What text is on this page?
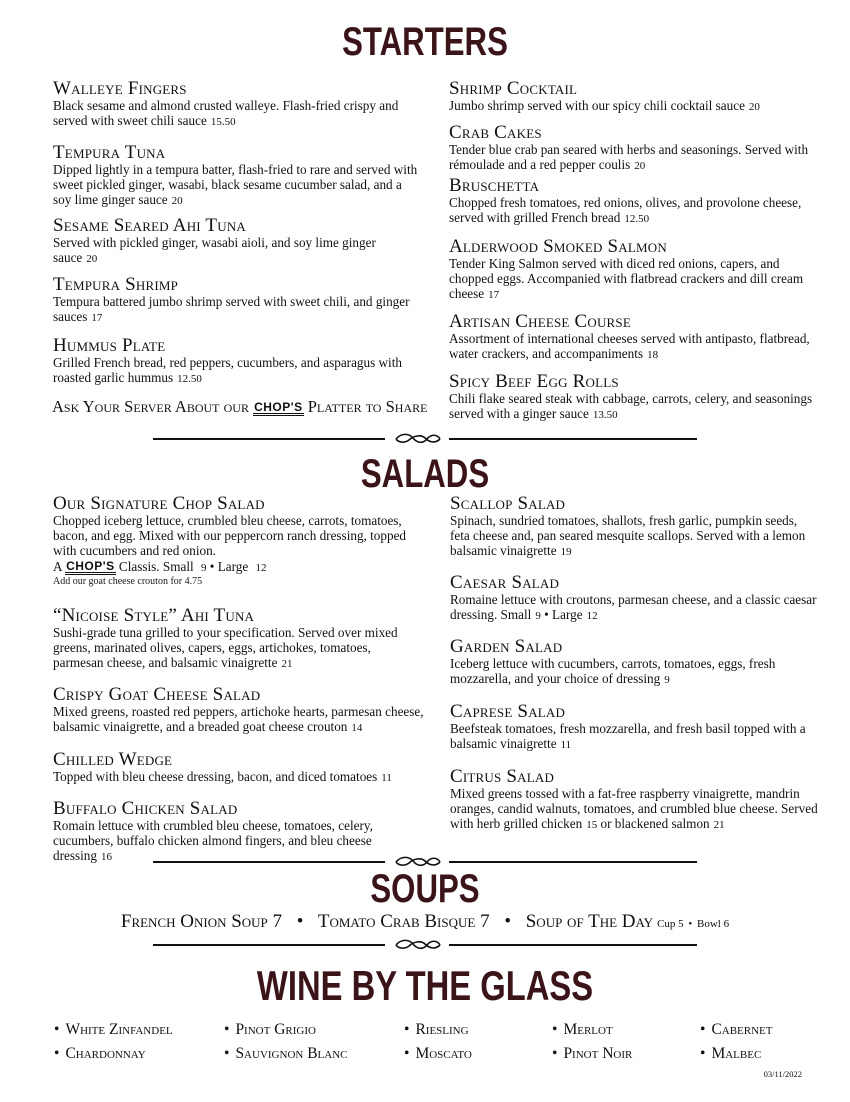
STARTERS
Walleye Fingers
Black sesame and almond crusted walleye. Flash-fried crispy and served with sweet chili sauce 15.50
Tempura Tuna
Dipped lightly in a tempura batter, flash-fried to rare and served with sweet pickled ginger, wasabi, black sesame cucumber salad, and a soy lime ginger sauce 20
Sesame Seared Ahi Tuna
Served with pickled ginger, wasabi aioli, and soy lime ginger sauce 20
Tempura Shrimp
Tempura battered jumbo shrimp served with sweet chili, and ginger sauces 17
Hummus Plate
Grilled French bread, red peppers, cucumbers, and asparagus with roasted garlic hummus 12.50
Ask Your Server About our CHOP'S Platter to Share
Shrimp Cocktail
Jumbo shrimp served with our spicy chili cocktail sauce 20
Crab Cakes
Tender blue crab pan seared with herbs and seasonings. Served with rémoulade and a red pepper coulis 20
Bruschetta
Chopped fresh tomatoes, red onions, olives, and provolone cheese, served with grilled French bread 12.50
Alderwood Smoked Salmon
Tender King Salmon served with diced red onions, capers, and chopped eggs. Accompanied with flatbread crackers and dill cream cheese 17
Artisan Cheese Course
Assortment of international cheeses served with antipasto, flatbread, water crackers, and accompaniments 18
Spicy Beef Egg Rolls
Chili flake seared steak with cabbage, carrots, celery, and seasonings served with a ginger sauce 13.50
SALADS
Our Signature Chop Salad
Chopped iceberg lettuce, crumbled bleu cheese, carrots, tomatoes, bacon, and egg. Mixed with our peppercorn ranch dressing, topped with cucumbers and red onion.
A CHOP'S Classis. Small 9 • Large 12
Add our goat cheese crouton for 4.75
“Nicoise Style” Ahi Tuna
Sushi-grade tuna grilled to your specification. Served over mixed greens, marinated olives, capers, eggs, artichokes, tomatoes, parmesan cheese, and balsamic vinaigrette 21
Crispy Goat Cheese Salad
Mixed greens, roasted red peppers, artichoke hearts, parmesan cheese, balsamic vinaigrette, and a breaded goat cheese crouton 14
Chilled Wedge
Topped with bleu cheese dressing, bacon, and diced tomatoes 11
Buffalo Chicken Salad
Romain lettuce with crumbled bleu cheese, tomatoes, celery, cucumbers, buffalo chicken almond fingers, and bleu cheese dressing 16
Scallop Salad
Spinach, sundried tomatoes, shallots, fresh garlic, pumpkin seeds, feta cheese and, pan seared mesquite scallops. Served with a lemon balsamic vinaigrette 19
Caesar Salad
Romaine lettuce with croutons, parmesan cheese, and a classic caesar dressing. Small 9 • Large 12
Garden Salad
Iceberg lettuce with cucumbers, carrots, tomatoes, eggs, fresh mozzarella, and your choice of dressing 9
Caprese Salad
Beefsteak tomatoes, fresh mozzarella, and fresh basil topped with a balsamic vinaigrette 11
Citrus Salad
Mixed greens tossed with a fat-free raspberry vinaigrette, mandrin oranges, candid walnuts, tomatoes, and crumbled blue cheese. Served with herb grilled chicken 15 or blackened salmon 21
SOUPS
French Onion Soup 7 • Tomato Crab Bisque 7 • Soup of The Day Cup 5 • Bowl 6
WINE BY THE GLASS
• White Zinfandel
• Chardonnay
• Pinot Grigio
• Sauvignon Blanc
• Riesling
• Moscato
• Merlot
• Pinot Noir
• Cabernet
• Malbec
03/11/2022
